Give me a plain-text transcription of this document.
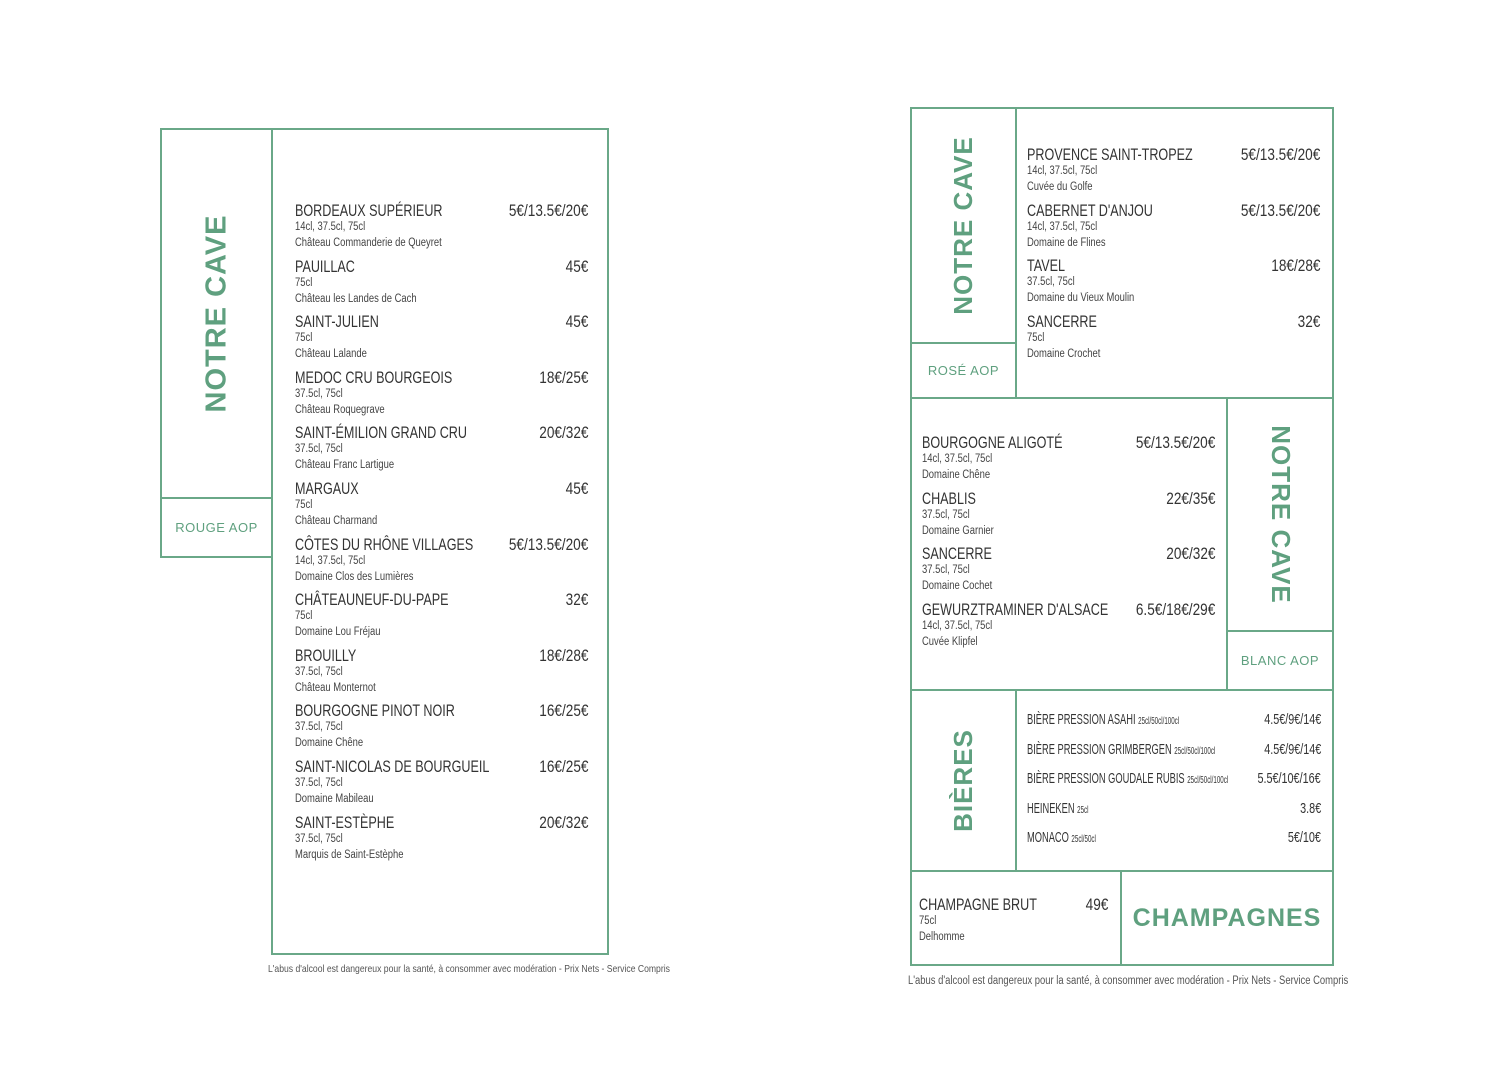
NOTRE CAVE
ROUGE AOP
BORDEAUX SUPÉRIEUR	5€/13.5€/20€
14cl, 37.5cl, 75cl
Château Commanderie de Queyret
PAUILLAC	45€
75cl
Château les Landes de Cach
SAINT-JULIEN	45€
75cl
Château Lalande
MEDOC CRU BOURGEOIS	18€/25€
37.5cl, 75cl
Château Roquegrave
SAINT-ÉMILION GRAND CRU	20€/32€
37.5cl, 75cl
Château Franc Lartigue
MARGAUX	45€
75cl
Château Charmand
CÔTES DU RHÔNE VILLAGES 5€/13.5€/20€
14cl, 37.5cl, 75cl
Domaine Clos des Lumières
CHÂTEAUNEUF-DU-PAPE	32€
75cl
Domaine Lou Fréjau
BROUILLY	18€/28€
37.5cl, 75cl
Château Monternot
BOURGOGNE PINOT NOIR	16€/25€
37.5cl, 75cl
Domaine Chêne
SAINT-NICOLAS DE BOURGUEIL	16€/25€
37.5cl, 75cl
Domaine Mabileau
SAINT-ESTÈPHE	20€/32€
37.5cl, 75cl
Marquis de Saint-Estèphe
L'abus d'alcool est dangereux pour la santé, à consommer avec modération - Prix Nets - Service Compris
NOTRE CAVE
ROSÉ AOP
NOTRE CAVE
BLANC AOP
BIÈRES
CHAMPAGNES
PROVENCE SAINT-TROPEZ	5€/13.5€/20€
14cl, 37.5cl, 75cl
Cuvée du Golfe
CABERNET D'ANJOU	5€/13.5€/20€
14cl, 37.5cl, 75cl
Domaine de Flines
TAVEL	18€/28€
37.5cl, 75cl
Domaine du Vieux Moulin
SANCERRE	32€
75cl
Domaine Crochet
BOURGOGNE ALIGOTÉ	5€/13.5€/20€
14cl, 37.5cl, 75cl
Domaine Chêne
CHABLIS	22€/35€
37.5cl, 75cl
Domaine Garnier
SANCERRE	20€/32€
37.5cl, 75cl
Domaine Cochet
GEWURZTRAMINER D'ALSACE 6.5€/18€/29€
14cl, 37.5cl, 75cl
Cuvée Klipfel
CHAMPAGNE BRUT	49€
75cl
Delhomme
BIÈRE PRESSION ASAHI 25cl/50cl/100cl	4.5€/9€/14€
BIÈRE PRESSION GRIMBERGEN 25cl/50cl/100cl	4.5€/9€/14€
BIÈRE PRESSION GOUDALE RUBIS 25cl/50cl/100cl 5.5€/10€/16€
HEINEKEN 25cl	3.8€
MONACO 25cl/50cl	5€/10€
L'abus d'alcool est dangereux pour la santé, à consommer avec modération - Prix Nets - Service Compris
